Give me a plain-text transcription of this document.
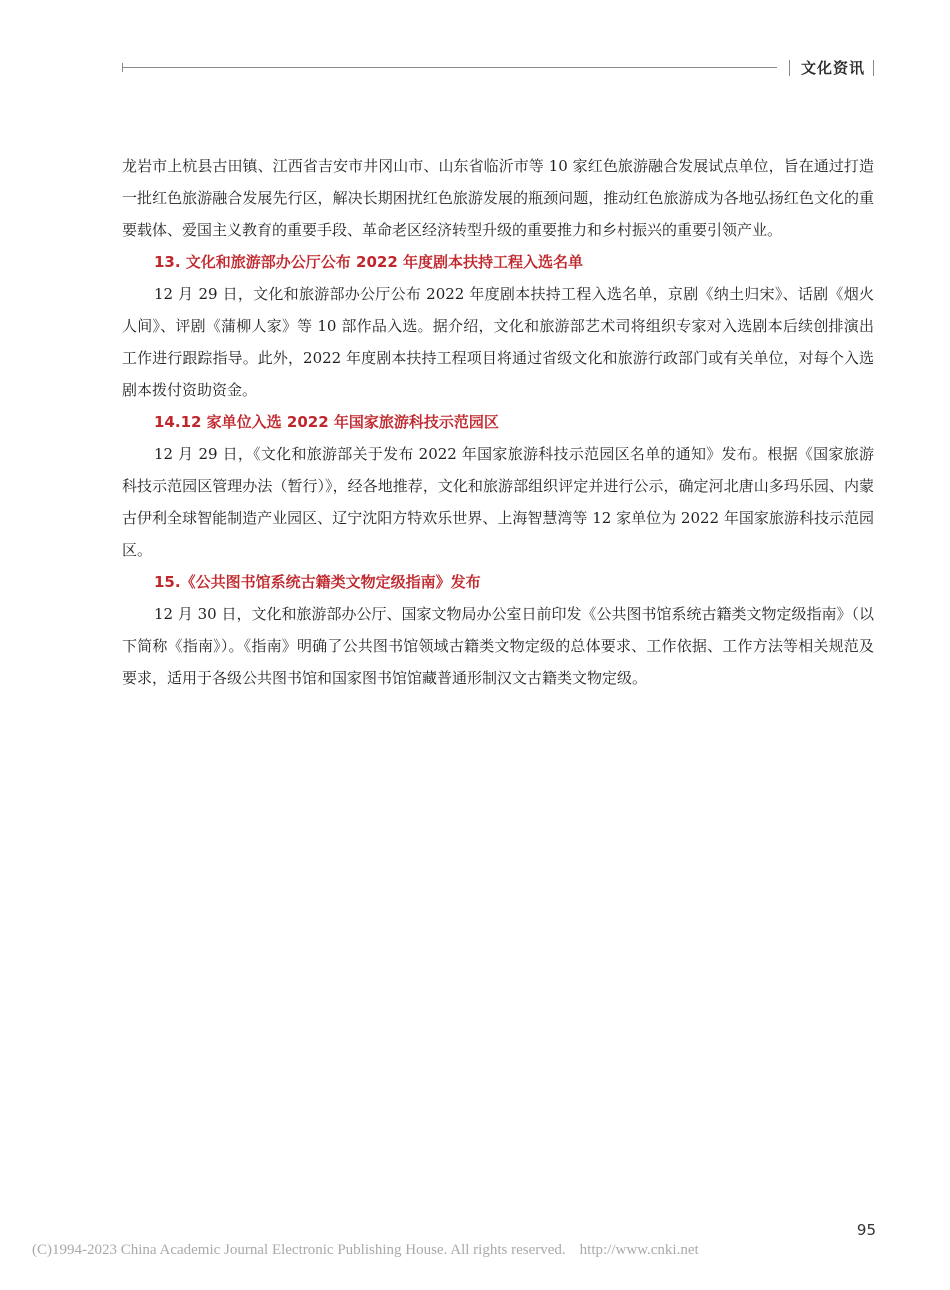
文化资讯

龙岩市上杭县古田镇、江西省吉安市井冈山市、山东省临沂市等 10 家红色旅游融合发展试点单位，旨在通过打造一批红色旅游融合发展先行区，解决长期困扰红色旅游发展的瓶颈问题，推动红色旅游成为各地弘扬红色文化的重要载体、爱国主义教育的重要手段、革命老区经济转型升级的重要推力和乡村振兴的重要引领产业。

13. 文化和旅游部办公厅公布 2022 年度剧本扶持工程入选名单

12 月 29 日，文化和旅游部办公厅公布 2022 年度剧本扶持工程入选名单，京剧《纳土归宋》、话剧《烟火人间》、评剧《蒲柳人家》等 10 部作品入选。据介绍，文化和旅游部艺术司将组织专家对入选剧本后续创排演出工作进行跟踪指导。此外，2022 年度剧本扶持工程项目将通过省级文化和旅游行政部门或有关单位，对每个入选剧本拨付资助资金。

14.12 家单位入选 2022 年国家旅游科技示范园区

12 月 29 日，《文化和旅游部关于发布 2022 年国家旅游科技示范园区名单的通知》发布。根据《国家旅游科技示范园区管理办法（暂行）》，经各地推荐，文化和旅游部组织评定并进行公示，确定河北唐山多玛乐园、内蒙古伊利全球智能制造产业园区、辽宁沈阳方特欢乐世界、上海智慧湾等 12 家单位为 2022 年国家旅游科技示范园区。

15.《公共图书馆系统古籍类文物定级指南》发布

12 月 30 日，文化和旅游部办公厅、国家文物局办公室日前印发《公共图书馆系统古籍类文物定级指南》（以下简称《指南》）。《指南》明确了公共图书馆领域古籍类文物定级的总体要求、工作依据、工作方法等相关规范及要求，适用于各级公共图书馆和国家图书馆馆藏普通形制汉文古籍类文物定级。

95
(C)1994-2023 China Academic Journal Electronic Publishing House. All rights reserved. http://www.cnki.net
